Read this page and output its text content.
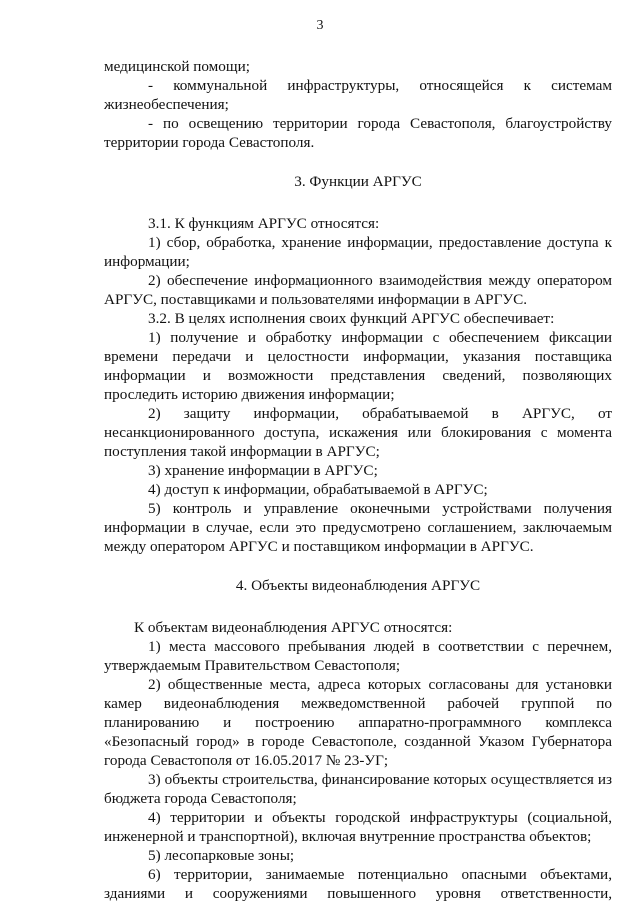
3

медицинской помощи;

- коммунальной инфраструктуры, относящейся к системам жизнеобеспечения;

- по освещению территории города Севастополя, благоустройству территории города Севастополя.

3. Функции АРГУС

3.1. К функциям АРГУС относятся:

1) сбор, обработка, хранение информации, предоставление доступа к информации;

2) обеспечение информационного взаимодействия между оператором АРГУС, поставщиками и пользователями информации в АРГУС.

3.2. В целях исполнения своих функций АРГУС обеспечивает:

1) получение и обработку информации с обеспечением фиксации времени передачи и целостности информации, указания поставщика информации и возможности представления сведений, позволяющих проследить историю движения информации;

2) защиту информации, обрабатываемой в АРГУС, от несанкционированного доступа, искажения или блокирования с момента поступления такой информации в АРГУС;

3) хранение информации в АРГУС;

4) доступ к информации, обрабатываемой в АРГУС;

5) контроль и управление оконечными устройствами получения информации в случае, если это предусмотрено соглашением, заключаемым между оператором АРГУС и поставщиком информации в АРГУС.

4. Объекты видеонаблюдения АРГУС

К объектам видеонаблюдения АРГУС относятся:

1) места массового пребывания людей в соответствии с перечнем, утверждаемым Правительством Севастополя;

2) общественные места, адреса которых согласованы для установки камер видеонаблюдения межведомственной рабочей группой по планированию и построению аппаратно-программного комплекса «Безопасный город» в городе Севастополе, созданной Указом Губернатора города Севастополя от 16.05.2017 № 23-УГ;

3) объекты строительства, финансирование которых осуществляется из бюджета города Севастополя;

4) территории и объекты городской инфраструктуры (социальной, инженерной и транспортной), включая внутренние пространства объектов;

5) лесопарковые зоны;

6) территории, занимаемые потенциально опасными объектами, зданиями и сооружениями повышенного уровня ответственности,
